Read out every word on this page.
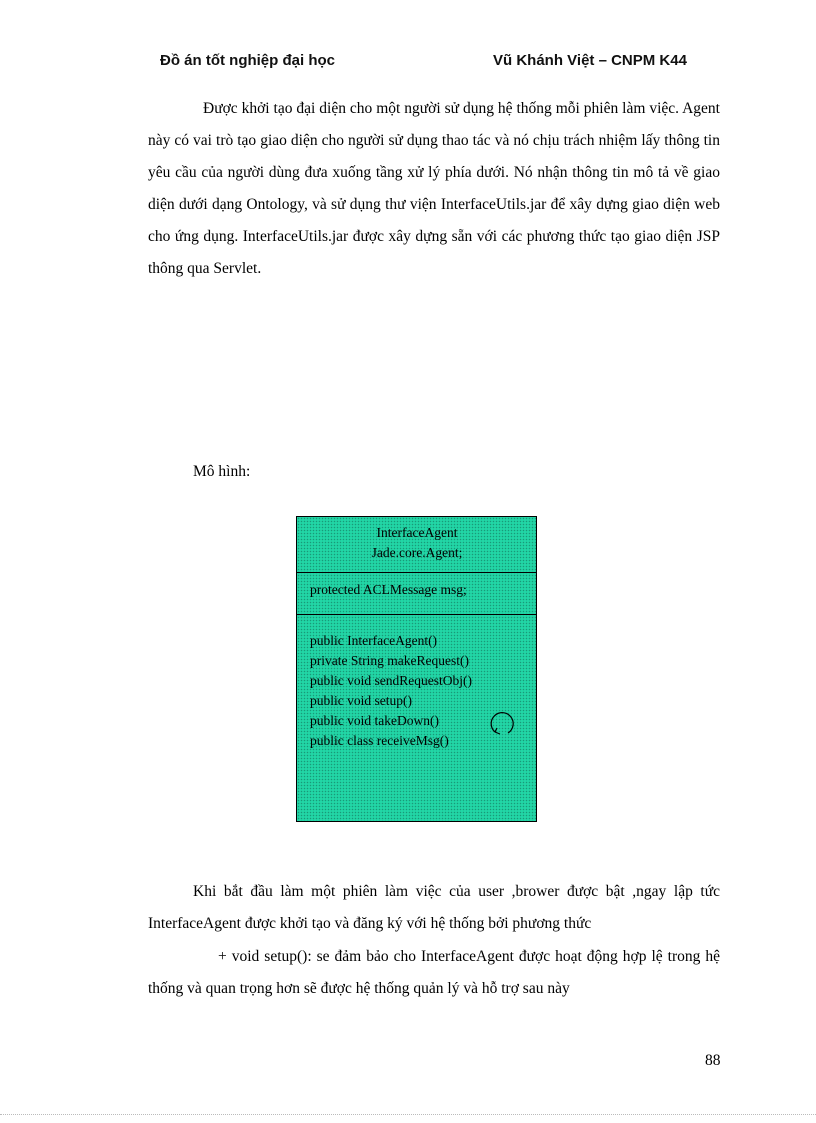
Đồ án tốt nghiệp đại học	Vũ Khánh Việt – CNPM K44

Được khởi tạo đại diện cho một người sử dụng hệ thống mỗi phiên làm việc. Agent này có vai trò tạo giao diện cho người sử dụng thao tác và nó chịu trách nhiệm lấy thông tin yêu cầu của người dùng đưa xuống tầng xử lý phía dưới. Nó nhận thông tin mô tả về giao diện dưới dạng Ontology, và sử dụng thư viện InterfaceUtils.jar để xây dựng giao diện web cho ứng dụng. InterfaceUtils.jar được xây dựng sẵn với các phương thức tạo giao diện JSP thông qua Servlet.

Mô hình:
InterfaceAgent
Jade.core.Agent;
protected ACLMessage msg;
public InterfaceAgent()
private String makeRequest()
public void sendRequestObj()
public void setup()
public void takeDown()
public class receiveMsg()

Khi bắt đầu làm một phiên làm việc của user ,brower được bật ,ngay lập tức InterfaceAgent được khởi tạo và đăng ký với hệ thống bởi phương thức

+ void setup(): se đảm bảo cho InterfaceAgent được hoạt động hợp lệ trong hệ thống và quan trọng hơn sẽ được hệ thống quản lý và hỗ trợ sau này

88
